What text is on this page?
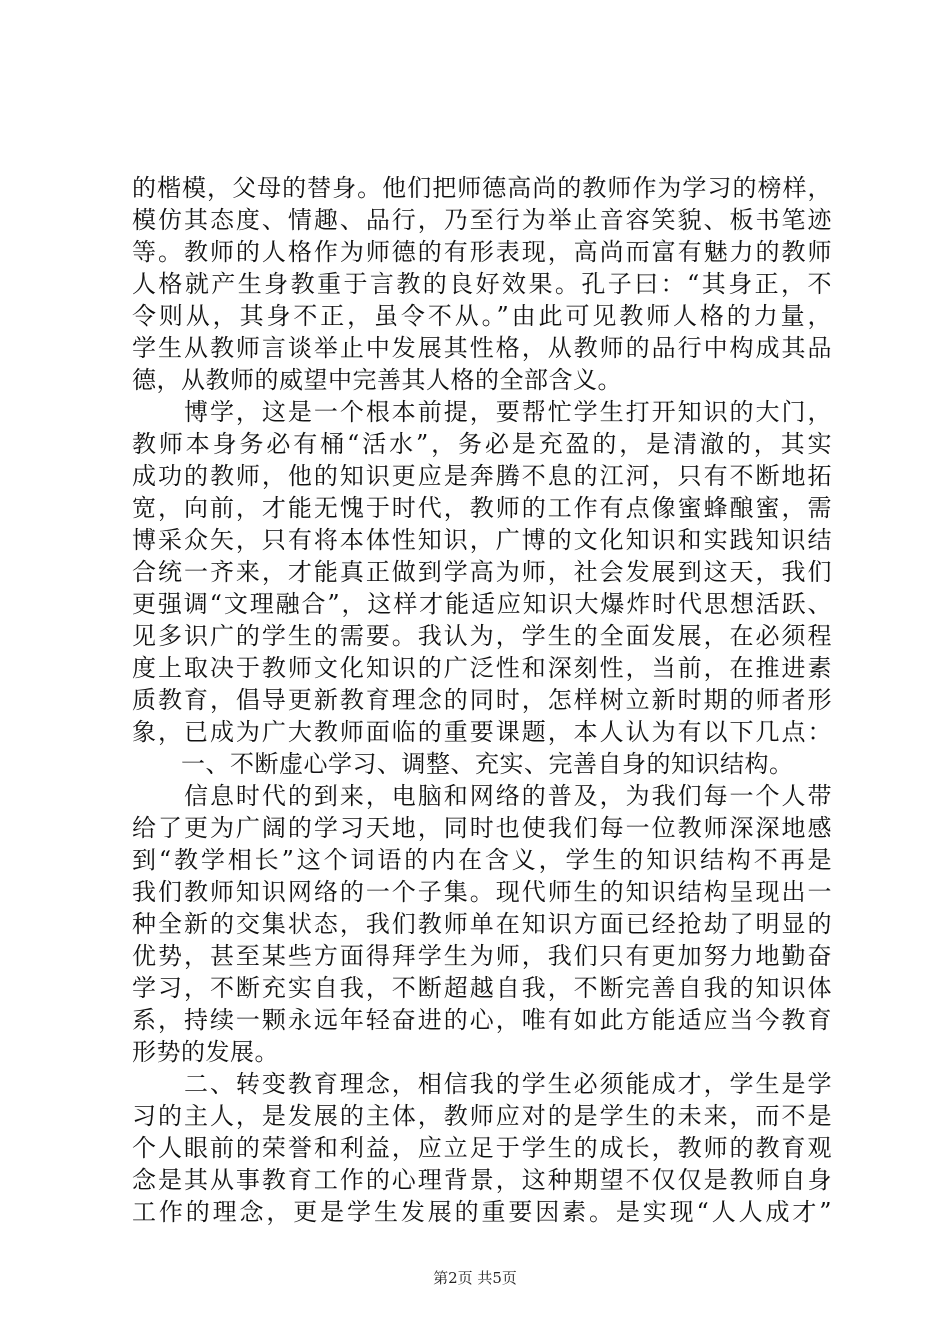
的楷模，父母的替身。他们把师德高尚的教师作为学习的榜样，
模仿其态度、情趣、品行，乃至行为举止音容笑貌、板书笔迹
等。教师的人格作为师德的有形表现，高尚而富有魅力的教师
人格就产生身教重于言教的良好效果。孔子曰：“其身正，不
令则从，其身不正，虽令不从。”由此可见教师人格的力量，
学生从教师言谈举止中发展其性格，从教师的品行中构成其品
德，从教师的威望中完善其人格的全部含义。
　　博学，这是一个根本前提，要帮忙学生打开知识的大门，
教师本身务必有桶“活水”，务必是充盈的，是清澈的，其实
成功的教师，他的知识更应是奔腾不息的江河，只有不断地拓
宽，向前，才能无愧于时代，教师的工作有点像蜜蜂酿蜜，需
博采众矢，只有将本体性知识，广博的文化知识和实践知识结
合统一齐来，才能真正做到学高为师，社会发展到这天，我们
更强调“文理融合”，这样才能适应知识大爆炸时代思想活跃、
见多识广的学生的需要。我认为，学生的全面发展，在必须程
度上取决于教师文化知识的广泛性和深刻性，当前，在推进素
质教育，倡导更新教育理念的同时，怎样树立新时期的师者形
象，已成为广大教师面临的重要课题，本人认为有以下几点：
　　一、不断虚心学习、调整、充实、完善自身的知识结构。
　　信息时代的到来，电脑和网络的普及，为我们每一个人带
给了更为广阔的学习天地，同时也使我们每一位教师深深地感
到“教学相长”这个词语的内在含义，学生的知识结构不再是
我们教师知识网络的一个子集。现代师生的知识结构呈现出一
种全新的交集状态，我们教师单在知识方面已经抢劫了明显的
优势，甚至某些方面得拜学生为师，我们只有更加努力地勤奋
学习，不断充实自我，不断超越自我，不断完善自我的知识体
系，持续一颗永远年轻奋进的心，唯有如此方能适应当今教育
形势的发展。
　　二、转变教育理念，相信我的学生必须能成才，学生是学
习的主人，是发展的主体，教师应对的是学生的未来，而不是
个人眼前的荣誉和利益，应立足于学生的成长，教师的教育观
念是其从事教育工作的心理背景，这种期望不仅仅是教师自身
工作的理念，更是学生发展的重要因素。是实现“人人成才”
第2页 共5页
